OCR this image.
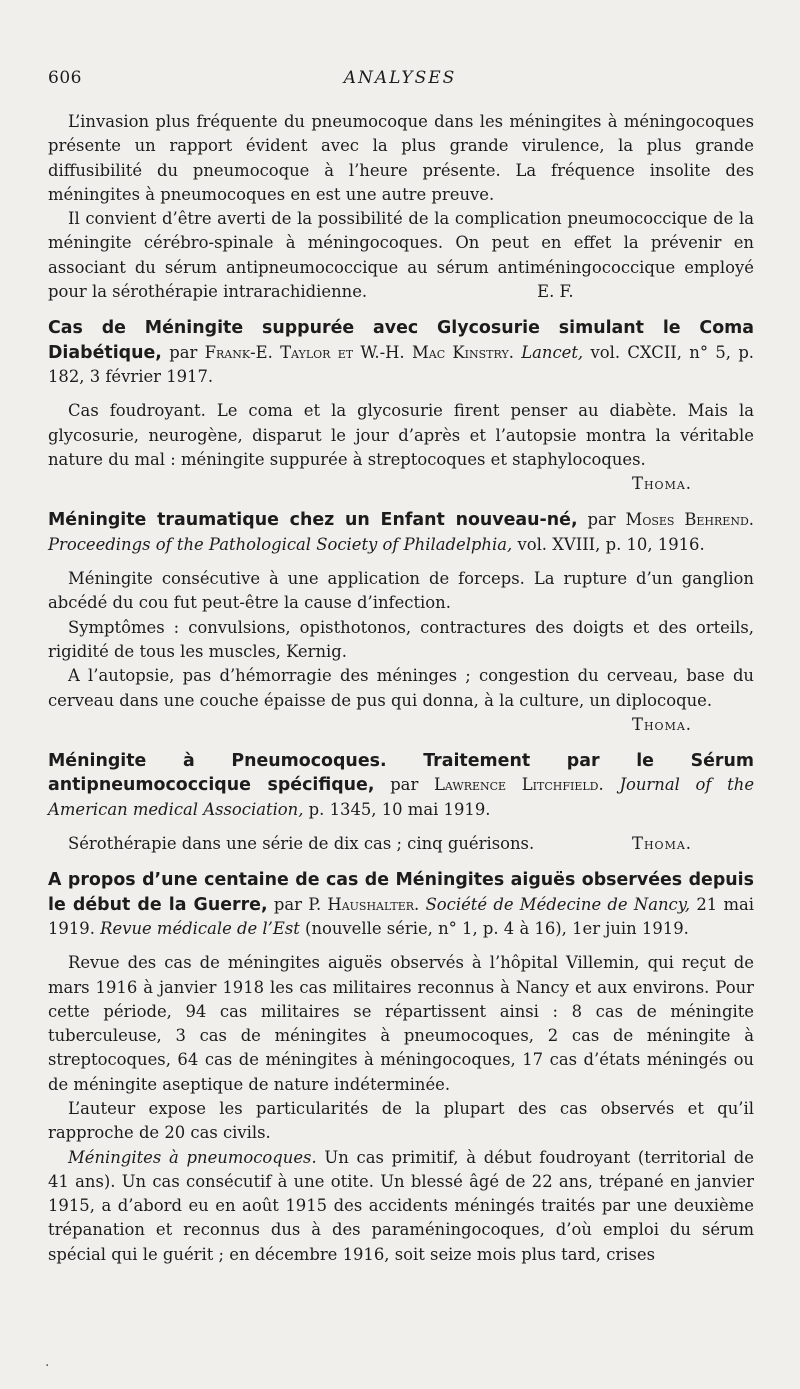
606	ANALYSES

L’invasion plus fréquente du pneumocoque dans les méningites à méningocoques présente un rapport évident avec la plus grande virulence, la plus grande diffusibilité du pneumocoque à l’heure présente. La fréquence insolite des méningites à pneumocoques en est une autre preuve.

Il convient d’être averti de la possibilité de la complication pneumococcique de la méningite cérébro-spinale à méningocoques. On peut en effet la prévenir en associant du sérum antipneumococcique au sérum antiméningococcique employé pour la sérothérapie intrarachidienne.	E. F.

Cas de Méningite suppurée avec Glycosurie simulant le Coma Diabétique, par Frank-E. Taylor et W.-H. Mac Kinstry. Lancet, vol. CXCII, n° 5, p. 182, 3 février 1917.

Cas foudroyant. Le coma et la glycosurie firent penser au diabète. Mais la glycosurie, neurogène, disparut le jour d’après et l’autopsie montra la véritable nature du mal : méningite suppurée à streptocoques et staphylocoques.

Thoma.

Méningite traumatique chez un Enfant nouveau-né, par Moses Behrend. Proceedings of the Pathological Society of Philadelphia, vol. XVIII, p. 10, 1916.

Méningite consécutive à une application de forceps. La rupture d’un ganglion abcédé du cou fut peut-être la cause d’infection.

Symptômes : convulsions, opisthotonos, contractures des doigts et des orteils, rigidité de tous les muscles, Kernig.

A l’autopsie, pas d’hémorragie des méninges ; congestion du cerveau, base du cerveau dans une couche épaisse de pus qui donna, à la culture, un diplocoque.

Thoma.

Méningite à Pneumocoques. Traitement par le Sérum antipneumococcique spécifique, par Lawrence Litchfield. Journal of the American medical Association, p. 1345, 10 mai 1919.

Sérothérapie dans une série de dix cas ; cinq guérisons.	Thoma.

A propos d’une centaine de cas de Méningites aiguës observées depuis le début de la Guerre, par P. Haushalter. Société de Médecine de Nancy, 21 mai 1919. Revue médicale de l’Est (nouvelle série, n° 1, p. 4 à 16), 1er juin 1919.

Revue des cas de méningites aiguës observés à l’hôpital Villemin, qui reçut de mars 1916 à janvier 1918 les cas militaires reconnus à Nancy et aux environs. Pour cette période, 94 cas militaires se répartissent ainsi : 8 cas de méningite tuberculeuse, 3 cas de méningites à pneumocoques, 2 cas de méningite à streptocoques, 64 cas de méningites à méningocoques, 17 cas d’états méningés ou de méningite aseptique de nature indéterminée.

L’auteur expose les particularités de la plupart des cas observés et qu’il rapproche de 20 cas civils.

Méningites à pneumocoques. Un cas primitif, à début foudroyant (territorial de 41 ans). Un cas consécutif à une otite. Un blessé âgé de 22 ans, trépané en janvier 1915, a d’abord eu en août 1915 des accidents méningés traités par une deuxième trépanation et reconnus dus à des paraméningocoques, d’où emploi du sérum spécial qui le guérit ; en décembre 1916, soit seize mois plus tard, crises

·
